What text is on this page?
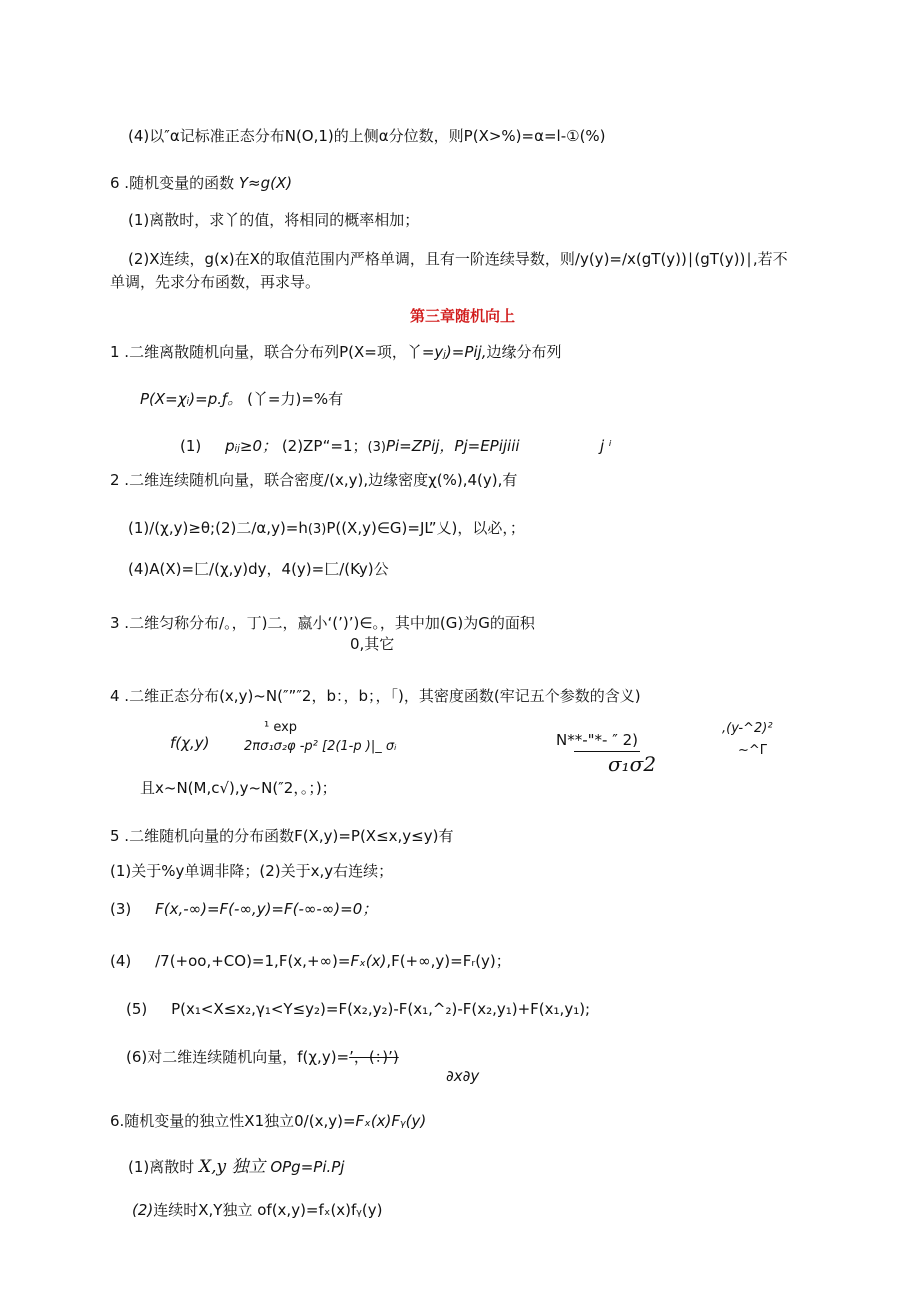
(4)以″α记标准正态分布N(O,1)的上侧α分位数，则P(X>%)=α=l-①(%)
6 .随机变量的函数 Y≈g(X)
(1)离散时，求丫的值，将相同的概率相加；
(2)X连续，g(x)在X的取值范围内严格单调，且有一阶连续导数，则∕y(y)=∕x(gT(y))∣(gT(y))∣,若不
单调，先求分布函数，再求导。
第三章随机向上
1 .二维离散随机向量，联合分布列P(X=项，丫=yⱼ)=Pij,边缘分布列
P(X=χᵢ)=p.ƒ。 (丫=力)=%有
(1) pᵢⱼ≥0； (2)ZP“=1；(3)Pi=ZPij，Pj=EPijiii	j ⁱ
2 .二维连续随机向量，联合密度/(x,y),边缘密度χ(%),4(y),有
(1)/(χ,y)≥θ;(2)二∕α,y)=h(3)P((X,y)∈G)=JL”乂)，以必，；
(4)A(X)=匚/(χ,y)dy，4(y)=匚/(Ky)公
3 .二维匀称分布/。，丁)二，嬴小‘(’)’)∈。，其中加(G)为G的面积
0,其它
4 .二维正态分布(x,y)~N(″”″2，b：，b；，「)，其密度函数(牢记五个参数的含义)
¹ exp
f(χ,y)	2πσ₁σ₂φ -p² [2(1-p )|_ σᵢ	N**-"*- ″ 2)
σ₁σ2
,(y-^2)²
~^Γ
且x~N(M,c√),y~N(″2，。；)；
5 .二维随机向量的分布函数F(X,y)=P(X≤x,y≤y)有
(1)关于%y单调非降；(2)关于x,y右连续；
(3) F(x,-∞)=F(-∞,y)=F(-∞-∞)=0；
(4) ∕7(+oo,+CO)=1,F(x,+∞)=Fₓ(x),F(+∞,y)=Fᵣ(y)；
(5) P(x₁<X≤x₂,γ₁<Y≤y₂)=F(x₂,y₂)-F(x₁,^₂)-F(x₂,y₁)+F(x₁,y₁);
(6)对二维连续随机向量，f(χ,y)=’，(：)’)
∂x∂y
6.随机变量的独立性X1独立0/(x,y)=Fₓ(x)Fᵧ(y)
(1)离散时 X,y 独立 OPg=Pi.Pj
(2)连续时X,Y独立 of(x,y)=fₓ(x)fᵧ(y)
